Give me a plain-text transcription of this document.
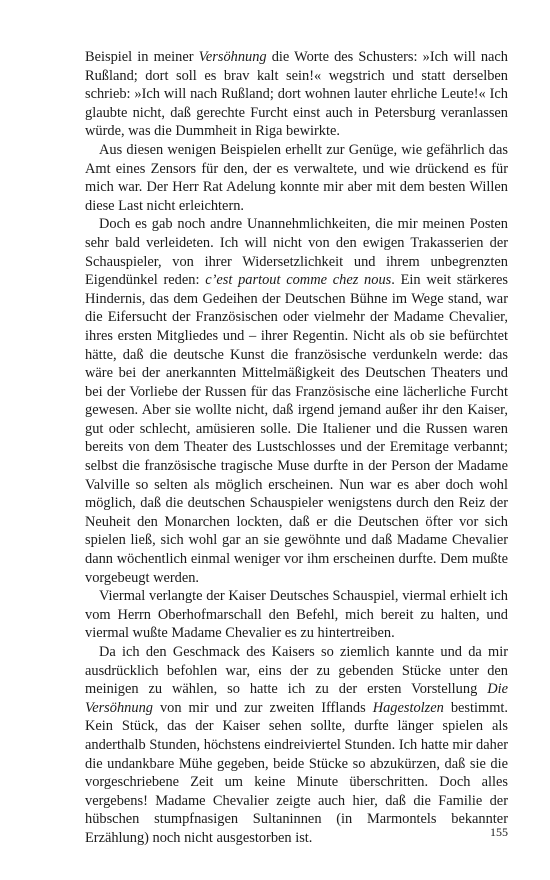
Beispiel in meiner Versöhnung die Worte des Schusters: »Ich will nach Rußland; dort soll es brav kalt sein!« wegstrich und statt derselben schrieb: »Ich will nach Rußland; dort wohnen lauter ehrliche Leute!« Ich glaubte nicht, daß gerechte Furcht einst auch in Petersburg veranlassen würde, was die Dummheit in Riga bewirkte.

Aus diesen wenigen Beispielen erhellt zur Genüge, wie gefährlich das Amt eines Zensors für den, der es verwaltete, und wie drückend es für mich war. Der Herr Rat Adelung konnte mir aber mit dem besten Willen diese Last nicht erleichtern.

Doch es gab noch andre Unannehmlichkeiten, die mir meinen Posten sehr bald verleideten. Ich will nicht von den ewigen Trakasserien der Schauspieler, von ihrer Widersetzlichkeit und ihrem unbegrenzten Eigendünkel reden: c’est partout comme chez nous. Ein weit stärkeres Hindernis, das dem Gedeihen der Deutschen Bühne im Wege stand, war die Eifersucht der Französischen oder vielmehr der Madame Chevalier, ihres ersten Mitgliedes und – ihrer Regentin. Nicht als ob sie befürchtet hätte, daß die deutsche Kunst die französische verdunkeln werde: das wäre bei der anerkannten Mittelmäßigkeit des Deutschen Theaters und bei der Vorliebe der Russen für das Französische eine lächerliche Furcht gewesen. Aber sie wollte nicht, daß irgend jemand außer ihr den Kaiser, gut oder schlecht, amüsieren solle. Die Italiener und die Russen waren bereits von dem Theater des Lustschlosses und der Eremitage verbannt; selbst die französische tragische Muse durfte in der Person der Madame Valville so selten als möglich erscheinen. Nun war es aber doch wohl möglich, daß die deutschen Schauspieler wenigstens durch den Reiz der Neuheit den Monarchen lockten, daß er die Deutschen öfter vor sich spielen ließ, sich wohl gar an sie gewöhnte und daß Madame Chevalier dann wöchentlich einmal weniger vor ihm erscheinen durfte. Dem mußte vorgebeugt werden.

Viermal verlangte der Kaiser Deutsches Schauspiel, viermal erhielt ich vom Herrn Oberhofmarschall den Befehl, mich bereit zu halten, und viermal wußte Madame Chevalier es zu hintertreiben.

Da ich den Geschmack des Kaisers so ziemlich kannte und da mir ausdrücklich befohlen war, eins der zu gebenden Stücke unter den meinigen zu wählen, so hatte ich zu der ersten Vorstellung Die Versöhnung von mir und zur zweiten Ifflands Hagestolzen bestimmt. Kein Stück, das der Kaiser sehen sollte, durfte länger spielen als anderthalb Stunden, höchstens eindreiviertel Stunden. Ich hatte mir daher die undankbare Mühe gegeben, beide Stücke so abzukürzen, daß sie die vorgeschriebene Zeit um keine Minute überschritten. Doch alles vergebens! Madame Chevalier zeigte auch hier, daß die Familie der hübschen stumpfnasigen Sultaninnen (in Marmontels bekannter Erzählung) noch nicht ausgestorben ist.	155
